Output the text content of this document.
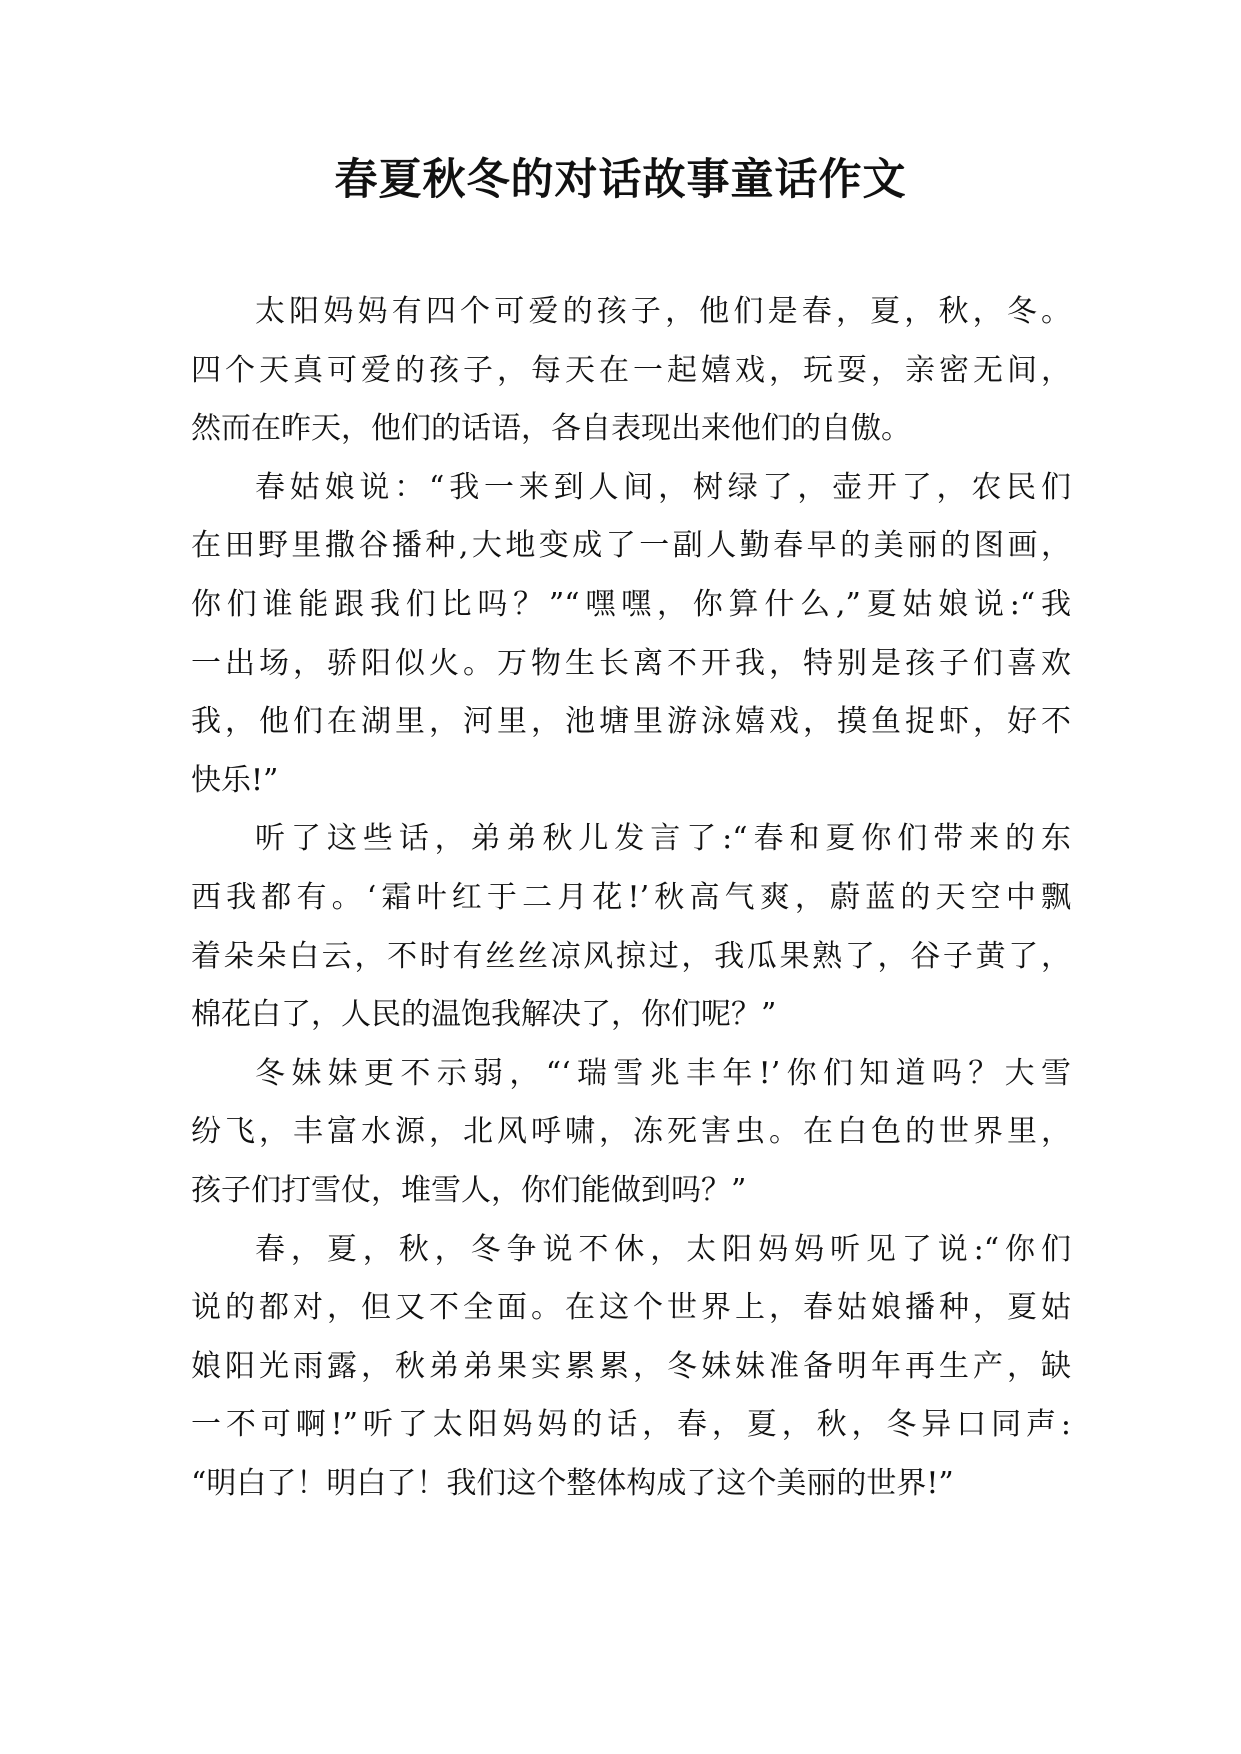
春夏秋冬的对话故事童话作文
太阳妈妈有四个可爱的孩子，他们是春，夏，秋，冬。
四个天真可爱的孩子，每天在一起嬉戏，玩耍，亲密无间，
然而在昨天，他们的话语，各自表现出来他们的自傲。
春姑娘说：“我一来到人间，树绿了，壶开了，农民们
在田野里撒谷播种,大地变成了一副人勤春早的美丽的图画，
你们谁能跟我们比吗？”“嘿嘿，你算什么,”夏姑娘说:“我
一出场，骄阳似火。万物生长离不开我，特别是孩子们喜欢
我，他们在湖里，河里，池塘里游泳嬉戏，摸鱼捉虾，好不
快乐!”
听了这些话，弟弟秋儿发言了:“春和夏你们带来的东
西我都有。‘霜叶红于二月花!’秋高气爽，蔚蓝的天空中飘
着朵朵白云，不时有丝丝凉风掠过，我瓜果熟了，谷子黄了，
棉花白了，人民的温饱我解决了，你们呢？”
冬妹妹更不示弱，“‘瑞雪兆丰年!’你们知道吗？大雪
纷飞，丰富水源，北风呼啸，冻死害虫。在白色的世界里，
孩子们打雪仗，堆雪人，你们能做到吗？”
春，夏，秋，冬争说不休，太阳妈妈听见了说:“你们
说的都对，但又不全面。在这个世界上，春姑娘播种，夏姑
娘阳光雨露，秋弟弟果实累累，冬妹妹准备明年再生产，缺
一不可啊!”听了太阳妈妈的话，春，夏，秋，冬异口同声:
“明白了！明白了！我们这个整体构成了这个美丽的世界!”
